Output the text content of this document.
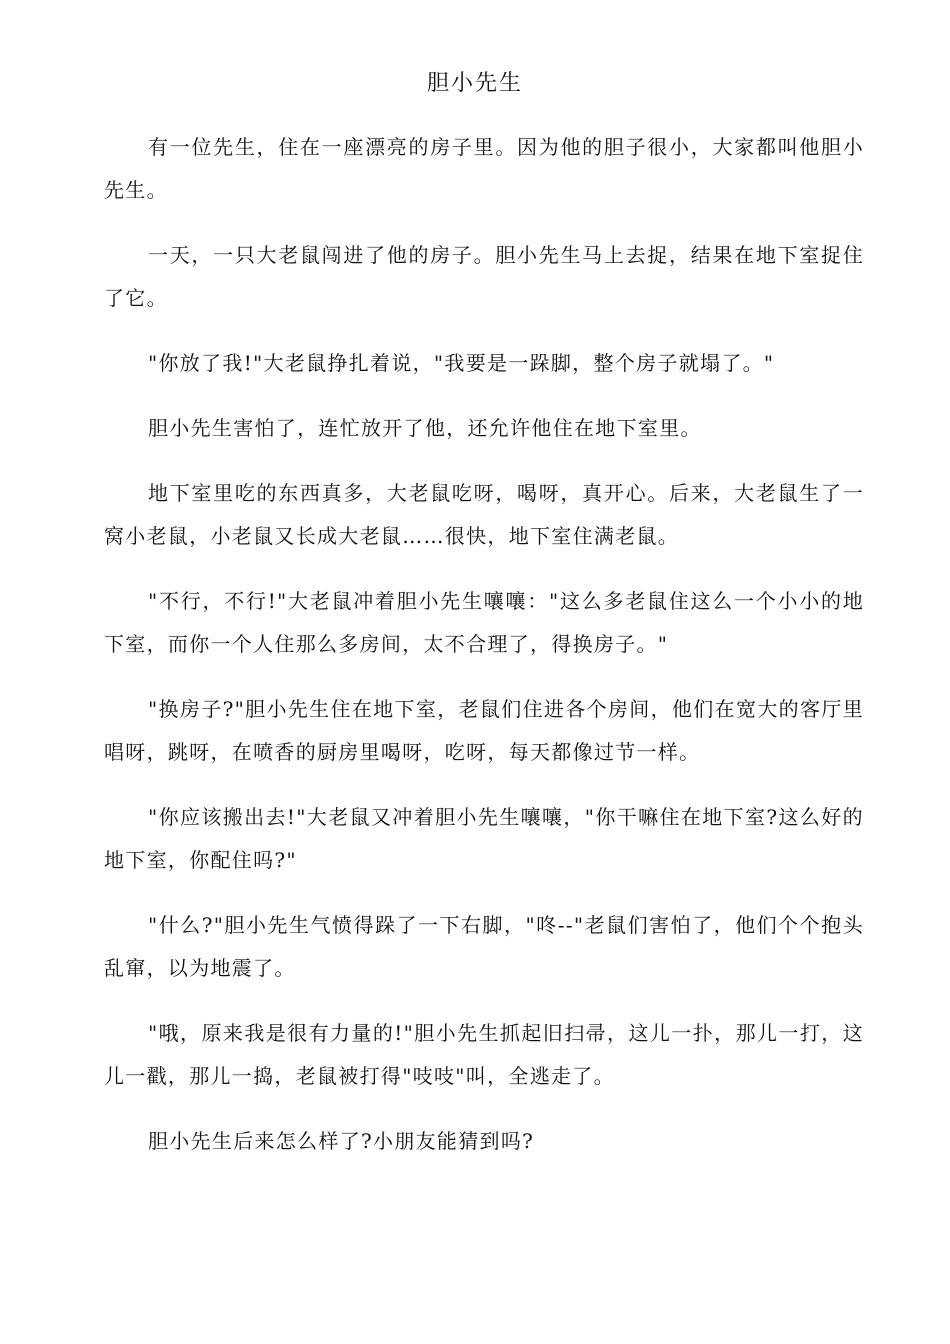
胆小先生

有一位先生，住在一座漂亮的房子里。因为他的胆子很小，大家都叫他胆小先生。

一天，一只大老鼠闯进了他的房子。胆小先生马上去捉，结果在地下室捉住了它。

"你放了我!"大老鼠挣扎着说，"我要是一跺脚，整个房子就塌了。"

胆小先生害怕了，连忙放开了他，还允许他住在地下室里。

地下室里吃的东西真多，大老鼠吃呀，喝呀，真开心。后来，大老鼠生了一窝小老鼠，小老鼠又长成大老鼠……很快，地下室住满老鼠。

"不行，不行!"大老鼠冲着胆小先生嚷嚷："这么多老鼠住这么一个小小的地下室，而你一个人住那么多房间，太不合理了，得换房子。"

"换房子?"胆小先生住在地下室，老鼠们住进各个房间，他们在宽大的客厅里唱呀，跳呀，在喷香的厨房里喝呀，吃呀，每天都像过节一样。

"你应该搬出去!"大老鼠又冲着胆小先生嚷嚷，"你干嘛住在地下室?这么好的地下室，你配住吗?"

"什么?"胆小先生气愤得跺了一下右脚，"咚--"老鼠们害怕了，他们个个抱头乱窜，以为地震了。

"哦，原来我是很有力量的!"胆小先生抓起旧扫帚，这儿一扑，那儿一打，这儿一戳，那儿一捣，老鼠被打得"吱吱"叫，全逃走了。

胆小先生后来怎么样了?小朋友能猜到吗?
